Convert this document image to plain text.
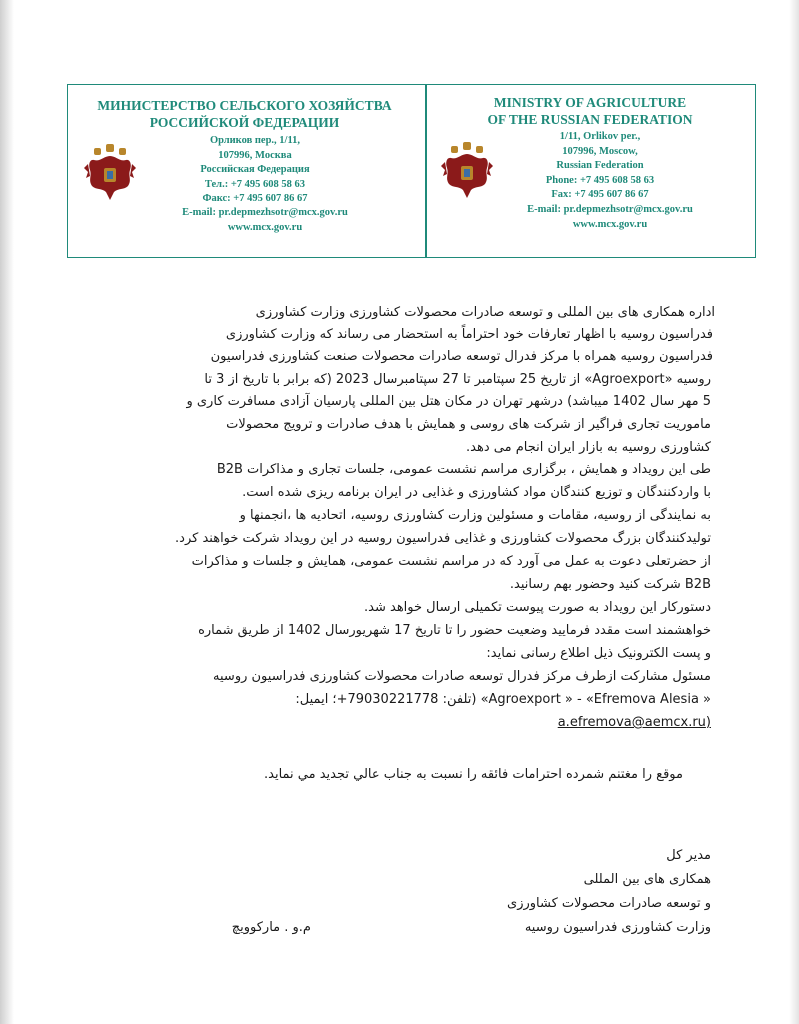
МИНИСТЕРСТВО СЕЛЬСКОГО ХОЗЯЙСТВА
РОССИЙСКОЙ ФЕДЕРАЦИИ
Орликов пер., 1/11,
107996, Москва
Российская Федерация
Тел.: +7 495 608 58 63
Факс: +7 495 607 86 67
E-mail: pr.depmezhsotr@mcx.gov.ru
www.mcx.gov.ru
MINISTRY OF AGRICULTURE
OF THE RUSSIAN FEDERATION
1/11, Orlikov per.,
107996, Moscow,
Russian Federation
Phone: +7 495 608 58 63
Fax: +7 495 607 86 67
E-mail: pr.depmezhsotr@mcx.gov.ru
www.mcx.gov.ru
اداره همکاری های بین المللی و توسعه صادرات محصولات کشاورزی وزارت کشاورزی
فدراسیون روسیه با اظهار تعارفات خود احتراماً به استحضار می رساند که وزارت کشاورزی
فدراسیون روسیه همراه با مرکز فدرال توسعه صادرات محصولات صنعت کشاورزی فدراسیون
روسیه «Agroexport» از تاریخ 25 سپتامبر تا 27 سپتامبرسال 2023 (که برابر با تاریخ از 3 تا
5 مهر سال 1402 میباشد) درشهر تهران در مکان هتل بین المللی پارسیان آزادی مسافرت کاری و
ماموریت تجاری فراگیر از شرکت های روسی و همایش با هدف صادرات و ترویج محصولات
کشاورزی روسیه به بازار ایران انجام می دهد.
طی این رویداد و همایش ، برگزاری مراسم نشست عمومی، جلسات تجاری و مذاکرات B2B
با واردکنندگان و توزیع کنندگان مواد کشاورزی و غذایی در ایران برنامه ریزی شده است.
به نمایندگی از روسیه، مقامات و مسئولین وزارت کشاورزی روسیه، اتحادیه ها ،انجمنها و
تولیدکنندگان بزرگ محصولات کشاورزی و غذایی فدراسیون روسیه در این رویداد شرکت خواهند کرد.
از حضرتعلی دعوت به عمل می آورد که در مراسم نشست عمومی، همایش و جلسات و مذاکرات
B2B شرکت کنید وحضور بهم رسانید.
دستورکار این رویداد به صورت پیوست تکمیلی ارسال خواهد شد.
خواهشمند است مقدد فرمایید وضعیت حضور را تا تاریخ 17 شهریورسال 1402 از طریق شماره
و پست الکترونیک ذیل اطلاع رسانی نماید:
مسئول مشارکت ازطرف مرکز فدرال توسعه صادرات محصولات کشاورزی فدراسیون روسیه
« Agroexport » - «Efremova Alesia» (تلفن: 79030221778+؛ ایمیل:
(a.efremova@aemcx.ru
موقع را مغتنم شمرده احترامات فائقه را نسبت به جناب عالي تجديد مي نمايد.
مدیر کل
همکاری های بین المللی
و توسعه صادرات محصولات کشاورزی
وزارت کشاورزی فدراسیون روسیه
م.و . مارکوویچ
